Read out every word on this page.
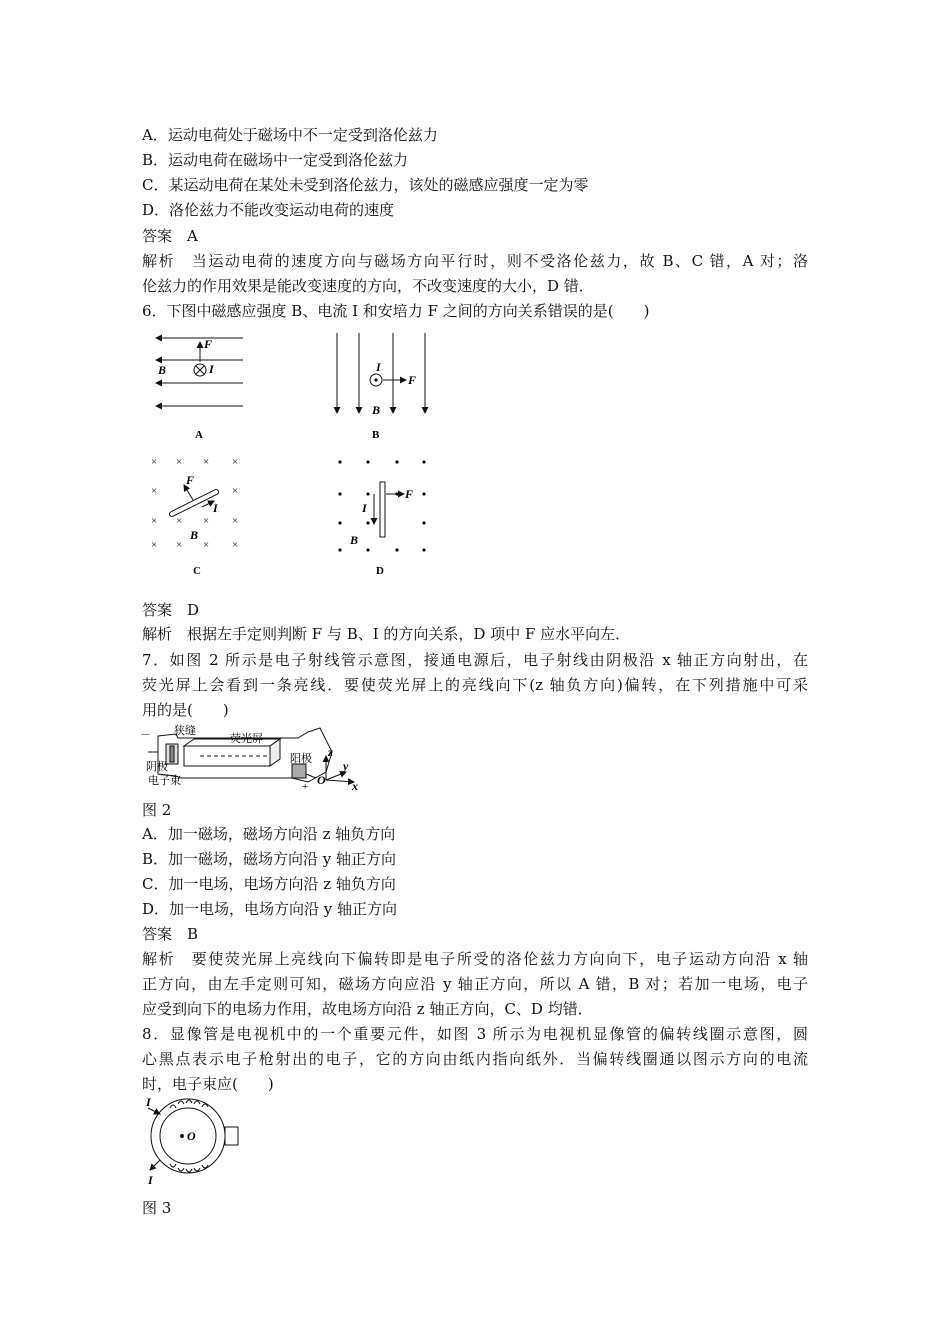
A．运动电荷处于磁场中不一定受到洛伦兹力
B．运动电荷在磁场中一定受到洛伦兹力
C．某运动电荷在某处未受到洛伦兹力，该处的磁感应强度一定为零
D．洛伦兹力不能改变运动电荷的速度
答案　A
解析　当运动电荷的速度方向与磁场方向平行时，则不受洛伦兹力，故 B、C 错，A 对；洛
伦兹力的作用效果是能改变速度的方向，不改变速度的大小，D 错．
6．下图中磁感应强度 B、电流 I 和安培力 F 之间的方向关系错误的是(　　)
F
I
B
A
I
F
B
B
× × × ×
×	×
× × × ×
× × × ×
F
I
B
C
I
F
B
D
答案　D
解析　根据左手定则判断 F 与 B、I 的方向关系，D 项中 F 应水平向左．
7．如图 2 所示是电子射线管示意图，接通电源后，电子射线由阴极沿 x 轴正方向射出，在
荧光屏上会看到一条亮线．要使荧光屏上的亮线向下(z 轴负方向)偏转，在下列措施中可采
用的是(　　)
－ 狭缝
荧光屏
阴极
阳极
电子束	+
z
y
x
O
图 2
A．加一磁场，磁场方向沿 z 轴负方向
B．加一磁场，磁场方向沿 y 轴正方向
C．加一电场，电场方向沿 z 轴负方向
D．加一电场，电场方向沿 y 轴正方向
答案　B
解析　要使荧光屏上亮线向下偏转即是电子所受的洛伦兹力方向向下，电子运动方向沿 x 轴
正方向，由左手定则可知，磁场方向应沿 y 轴正方向，所以 A 错，B 对；若加一电场，电子
应受到向下的电场力作用，故电场方向沿 z 轴正方向，C、D 均错．
8．显像管是电视机中的一个重要元件，如图 3 所示为电视机显像管的偏转线圈示意图，圆
心黑点表示电子枪射出的电子，它的方向由纸内指向纸外．当偏转线圈通以图示方向的电流
时，电子束应(　　)
O
I
I
图 3
